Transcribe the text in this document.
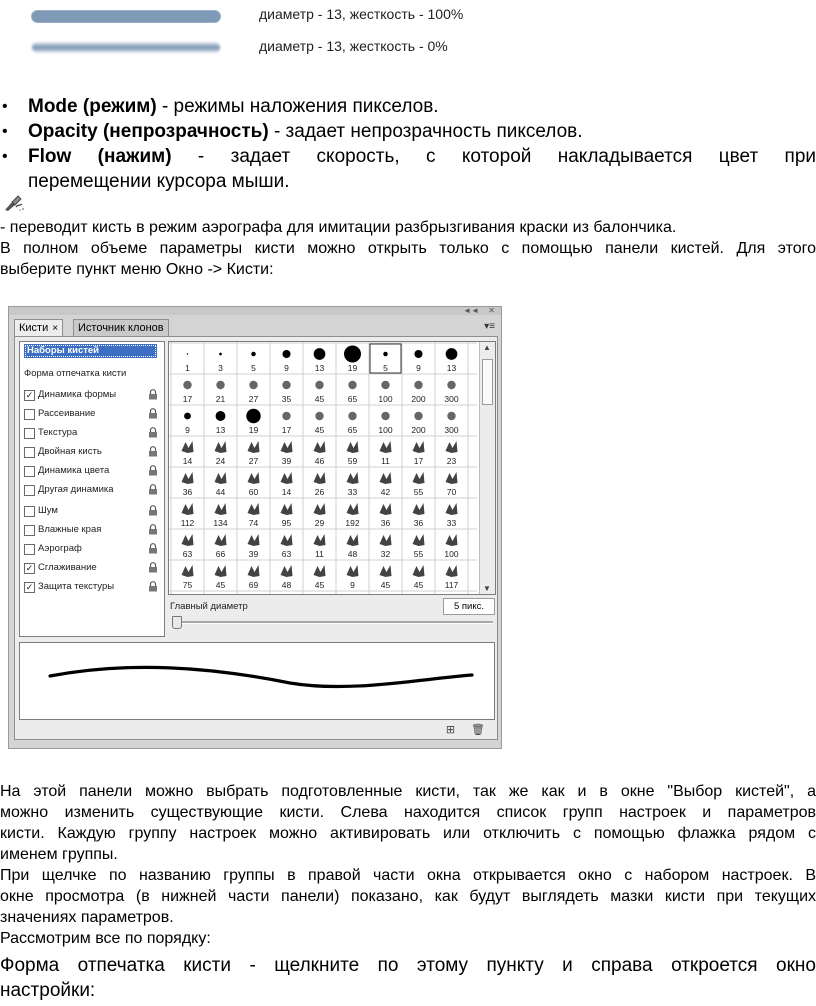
диаметр - 13, жесткость - 100%
диаметр - 13, жесткость - 0%
• Mode (режим) - режимы наложения пикселов.
• Opacity (непрозрачность) - задает непрозрачность пикселов.
• Flow (нажим) - задает скорость, с которой накладывается цвет при
перемещении курсора мыши.
- переводит кисть в режим аэрографа для имитации разбрызгивания краски из балончика.
В полном объеме параметры кисти можно открыть только с помощью панели кистей. Для этого
выберите пункт меню Окно -> Кисти:
◄◄ ✕
Кисти ×	Источник клонов	▾≡
Наборы кистей
Форма отпечатка кисти
✓ Динамика формы
Рассеивание
Текстура
Двойная кисть
Динамика цвета
Другая динамика
Шум
Влажные края
Аэрограф
✓ Сглаживание
✓ Защита текстуры
1	3	5	9	13	19	5	9	13
17	21	27	35	45	65 100 200 300
9	13	19	17	45	65 100 200 300
14	24	27	39	46	59	11	17	23
36	44	60	14	26	33	42	55	70
112 134 74	95	29 192 36	36	33
63	66	39	63	11	48	32	55 100
75	45	69	48	45	9	45	45	117
▲
▼
Главный диаметр	5 пикс.
⊞ 🗑
На этой панели можно выбрать подготовленные кисти, так же как и в окне "Выбор кистей", а
можно изменить существующие кисти. Слева находится список групп настроек и параметров
кисти. Каждую группу настроек можно активировать или отключить с помощью флажка рядом с
именем группы.
При щелчке по названию группы в правой части окна открывается окно с набором настроек. В
окне просмотра (в нижней части панели) показано, как будут выглядеть мазки кисти при текущих
значениях параметров.
Рассмотрим все по порядку:
Форма отпечатка кисти - щелкните по этому пункту и справа откроется окно
настройки:
